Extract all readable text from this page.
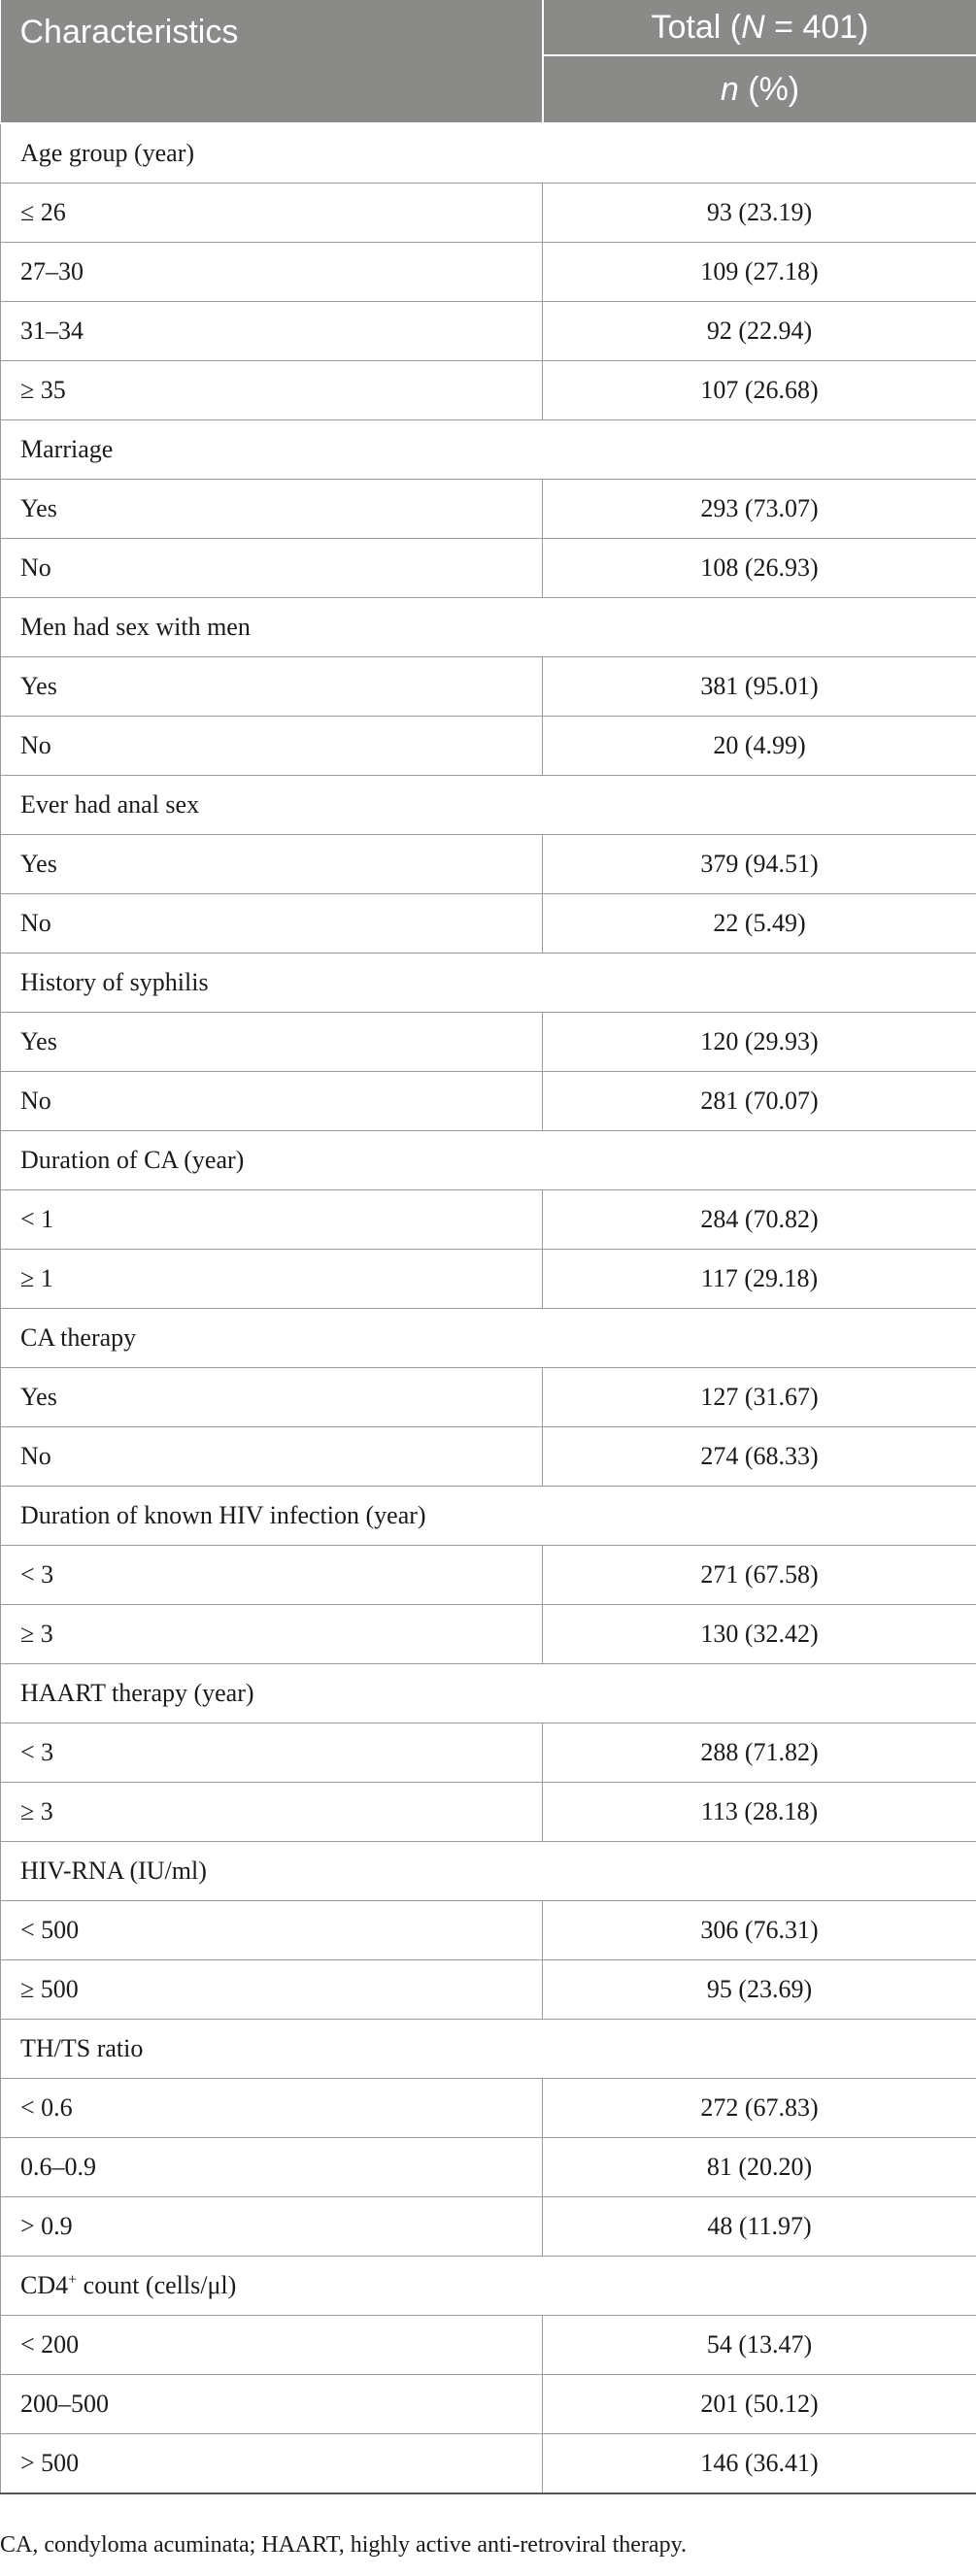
Characteristics	Total (N = 401)
	n (%)
Age group (year)	
≤ 26	93 (23.19)
27–30	109 (27.18)
31–34	92 (22.94)
≥ 35	107 (26.68)
Marriage	
Yes	293 (73.07)
No	108 (26.93)
Men had sex with men	
Yes	381 (95.01)
No	20 (4.99)
Ever had anal sex	
Yes	379 (94.51)
No	22 (5.49)
History of syphilis	
Yes	120 (29.93)
No	281 (70.07)
Duration of CA (year)	
< 1	284 (70.82)
≥ 1	117 (29.18)
CA therapy	
Yes	127 (31.67)
No	274 (68.33)
Duration of known HIV infection (year)	
< 3	271 (67.58)
≥ 3	130 (32.42)
HAART therapy (year)	
< 3	288 (71.82)
≥ 3	113 (28.18)
HIV-RNA (IU/ml)	
< 500	306 (76.31)
≥ 500	95 (23.69)
TH/TS ratio	
< 0.6	272 (67.83)
0.6–0.9	81 (20.20)
> 0.9	48 (11.97)
CD4+ count (cells/μl)	
< 200	54 (13.47)
200–500	201 (50.12)
> 500	146 (36.41)
CA, condyloma acuminata; HAART, highly active anti-retroviral therapy.
